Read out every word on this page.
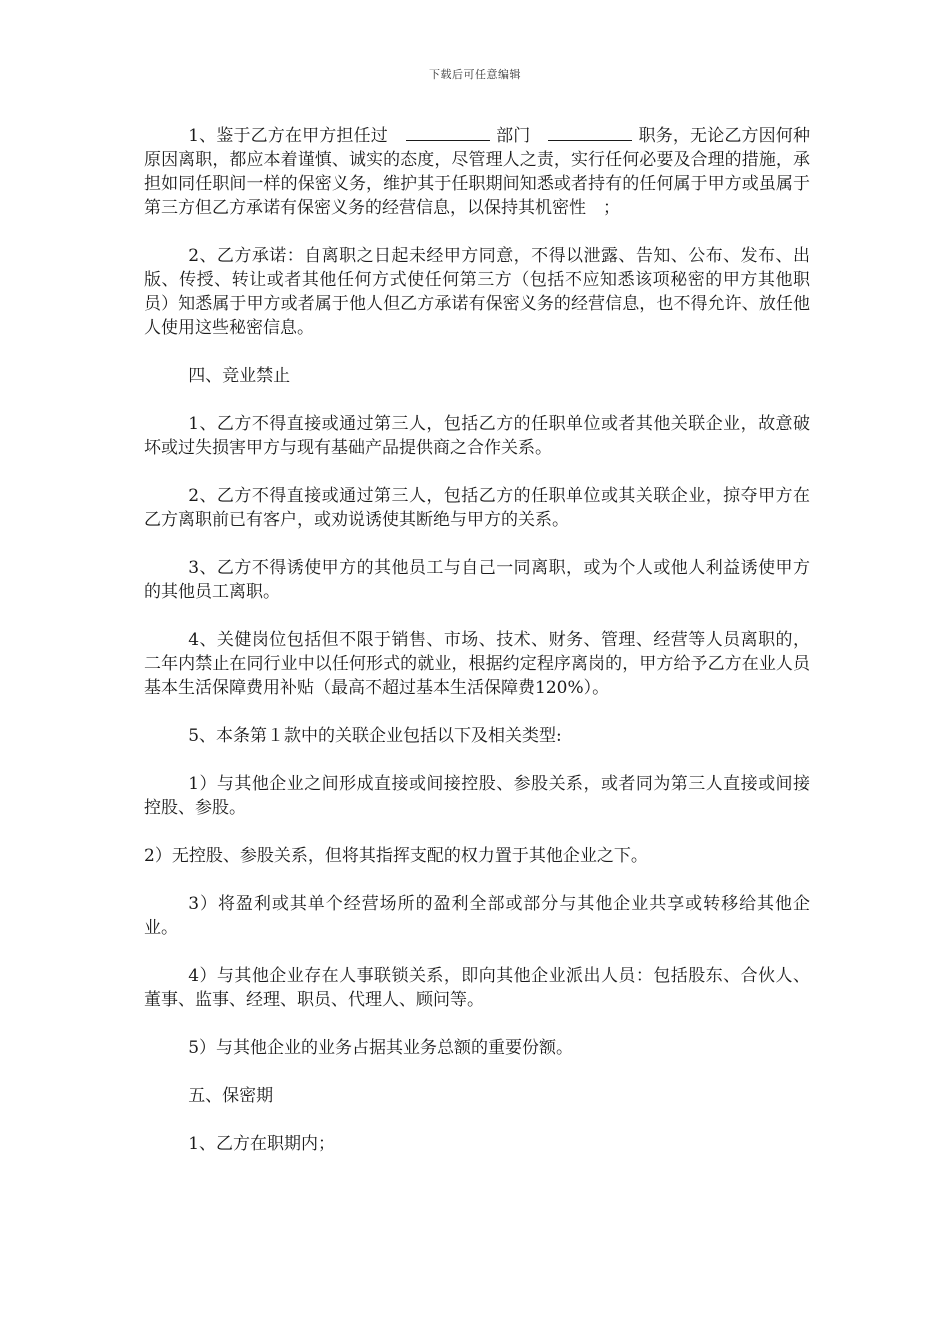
下载后可任意编辑

1、鉴于乙方在甲方担任过	部门	职务，无论乙方因何种原因离职，都应本着谨慎、诚实的态度，尽管理人之责，实行任何必要及合理的措施，承担如同任职间一样的保密义务，维护其于任职期间知悉或者持有的任何属于甲方或虽属于第三方但乙方承诺有保密义务的经营信息，以保持其机密性　；

2、乙方承诺：自离职之日起未经甲方同意，不得以泄露、告知、公布、发布、出版、传授、转让或者其他任何方式使任何第三方（包括不应知悉该项秘密的甲方其他职员）知悉属于甲方或者属于他人但乙方承诺有保密义务的经营信息，也不得允许、放任他人使用这些秘密信息。

四、竞业禁止

1、乙方不得直接或通过第三人，包括乙方的任职单位或者其他关联企业，故意破坏或过失损害甲方与现有基础产品提供商之合作关系。

2、乙方不得直接或通过第三人，包括乙方的任职单位或其关联企业，掠夺甲方在乙方离职前已有客户，或劝说诱使其断绝与甲方的关系。

3、乙方不得诱使甲方的其他员工与自己一同离职，或为个人或他人利益诱使甲方的其他员工离职。

4、关健岗位包括但不限于销售、市场、技术、财务、管理、经营等人员离职的，二年内禁止在同行业中以任何形式的就业，根据约定程序离岗的，甲方给予乙方在业人员基本生活保障费用补贴（最高不超过基本生活保障费120%）。

5、本条第１款中的关联企业包括以下及相关类型:

1）与其他企业之间形成直接或间接控股、参股关系，或者同为第三人直接或间接控股、参股。

2）无控股、参股关系，但将其指挥支配的权力置于其他企业之下。

3）将盈利或其单个经营场所的盈利全部或部分与其他企业共享或转移给其他企业。

4）与其他企业存在人事联锁关系，即向其他企业派出人员：包括股东、合伙人、董事、监事、经理、职员、代理人、顾问等。

5）与其他企业的业务占据其业务总额的重要份额。

五、保密期

1、乙方在职期内；
